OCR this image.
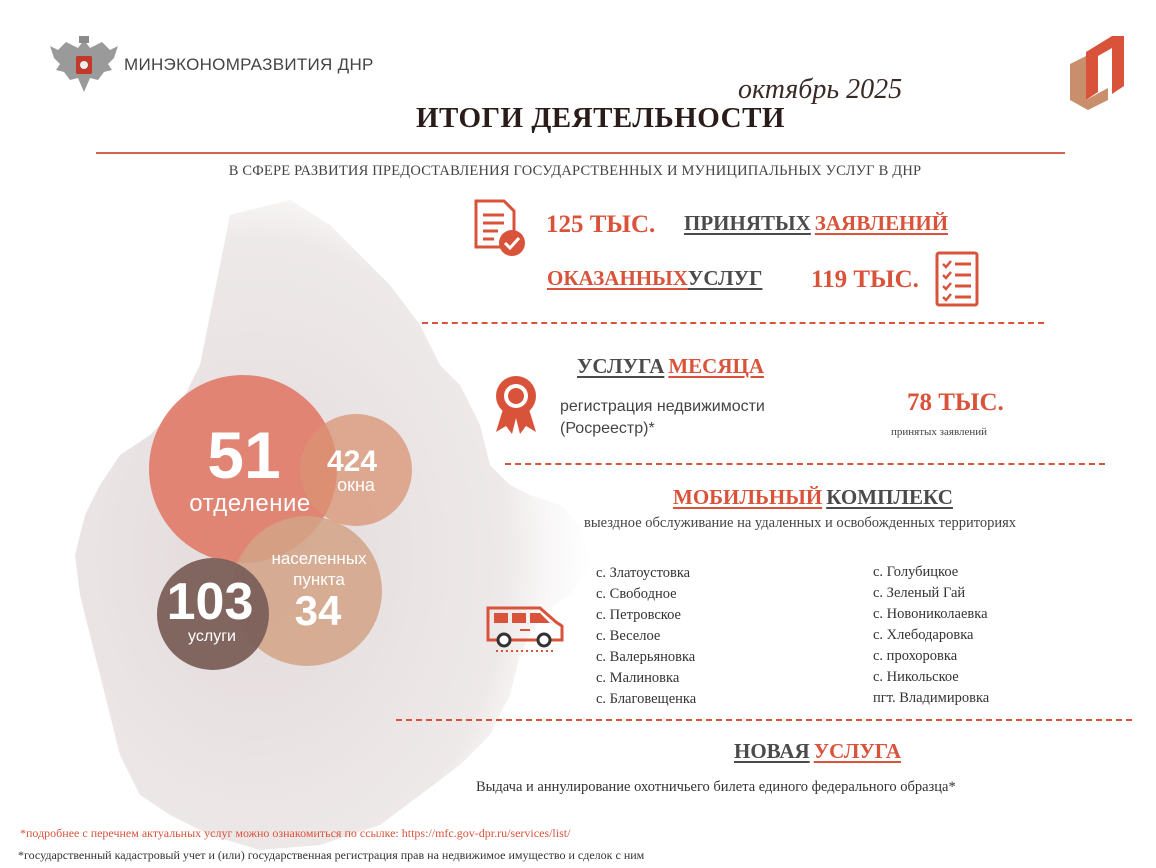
МИНЭКОНОМРАЗВИТИЯ ДНР
октябрь 2025
ИТОГИ ДЕЯТЕЛЬНОСТИ
В СФЕРЕ РАЗВИТИЯ ПРЕДОСТАВЛЕНИЯ ГОСУДАРСТВЕННЫХ И МУНИЦИПАЛЬНЫХ УСЛУГ В ДНР
125 ТЫС. ПРИНЯТЫХ ЗАЯВЛЕНИЙ
ОКАЗАННЫХУСЛУГ 119 ТЫС.
УСЛУГА МЕСЯЦА
регистрация недвижимости
(Росреестр)*
78 ТЫС.
принятых заявлений
МОБИЛЬНЫЙ КОМПЛЕКС
выездное обслуживание на удаленных и освобожденных территориях
с. Златоустовка
с. Свободное
с. Петровское
с. Веселое
с. Валерьяновка
с. Малиновка
с. Благовещенка
с. Голубицкое
с. Зеленый Гай
с. Новониколаевка
с. Хлебодаровка
с. прохоровка
с. Никольское
пгт. Владимировка
НОВАЯ УСЛУГА
Выдача и аннулирование охотничьего билета единого федерального образца*
51
отделение
424
окна
населенных
пункта
34
103
услуги
*подробнее с перечнем актуальных услуг можно ознакомиться по ссылке: https://mfc.gov-dpr.ru/services/list/
*государственный кадастровый учет и (или) государственная регистрация прав на недвижимое имущество и сделок с ним
